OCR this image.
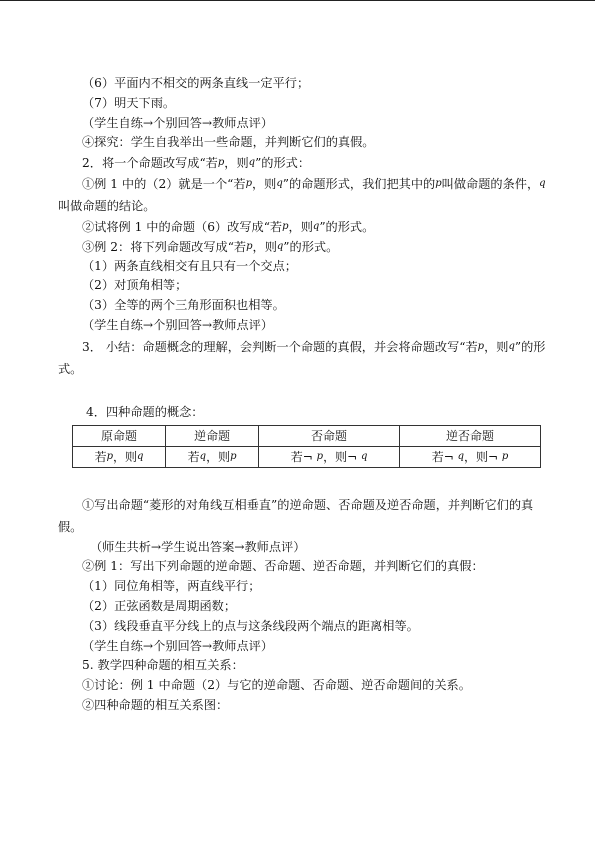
（6）平面内不相交的两条直线一定平行；
（7）明天下雨。
（学生自练→个别回答→教师点评）
④探究：学生自我举出一些命题，并判断它们的真假。
2．将一个命题改写成“若p，则q”的形式：
①例 1 中的（2）就是一个“若p，则q”的命题形式，我们把其中的p叫做命题的条件，q叫做命题的结论。
②试将例 1 中的命题（6）改写成“若p，则q”的形式。
③例 2：将下列命题改写成“若p，则q”的形式。
（1）两条直线相交有且只有一个交点；
（2）对顶角相等；
（3）全等的两个三角形面积也相等。
（学生自练→个别回答→教师点评）
3． 小结：命题概念的理解，会判断一个命题的真假，并会将命题改写“若p，则q”的形式。
4．四种命题的概念：
原命题	逆命题	否命题	逆否命题
若p，则q	若q，则p	若¬ p，则¬ q	若¬ q，则¬ p
①写出命题“菱形的对角线互相垂直”的逆命题、否命题及逆否命题，并判断它们的真假。
（师生共析→学生说出答案→教师点评）
②例 1：写出下列命题的逆命题、否命题、逆否命题，并判断它们的真假：
（1）同位角相等，两直线平行；
（2）正弦函数是周期函数；
（3）线段垂直平分线上的点与这条线段两个端点的距离相等。
（学生自练→个别回答→教师点评）
5. 教学四种命题的相互关系：
①讨论：例 1 中命题（2）与它的逆命题、否命题、逆否命题间的关系。
②四种命题的相互关系图：
